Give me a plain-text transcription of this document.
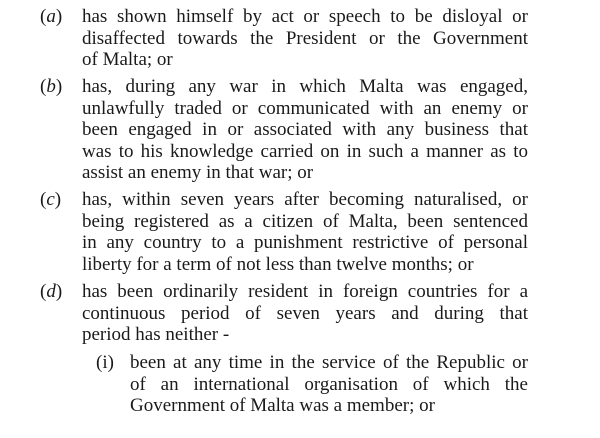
(a) has shown himself by act or speech to be disloyal or
disaffected towards the President or the Government
of Malta; or
(b) has, during any war in which Malta was engaged,
unlawfully traded or communicated with an enemy or
been engaged in or associated with any business that
was to his knowledge carried on in such a manner as to
assist an enemy in that war; or
(c) has, within seven years after becoming naturalised, or
being registered as a citizen of Malta, been sentenced
in any country to a punishment restrictive of personal
liberty for a term of not less than twelve months; or
(d) has been ordinarily resident in foreign countries for a
continuous period of seven years and during that
period has neither -
(i) been at any time in the service of the Republic or
of an international organisation of which the
Government of Malta was a member; or
